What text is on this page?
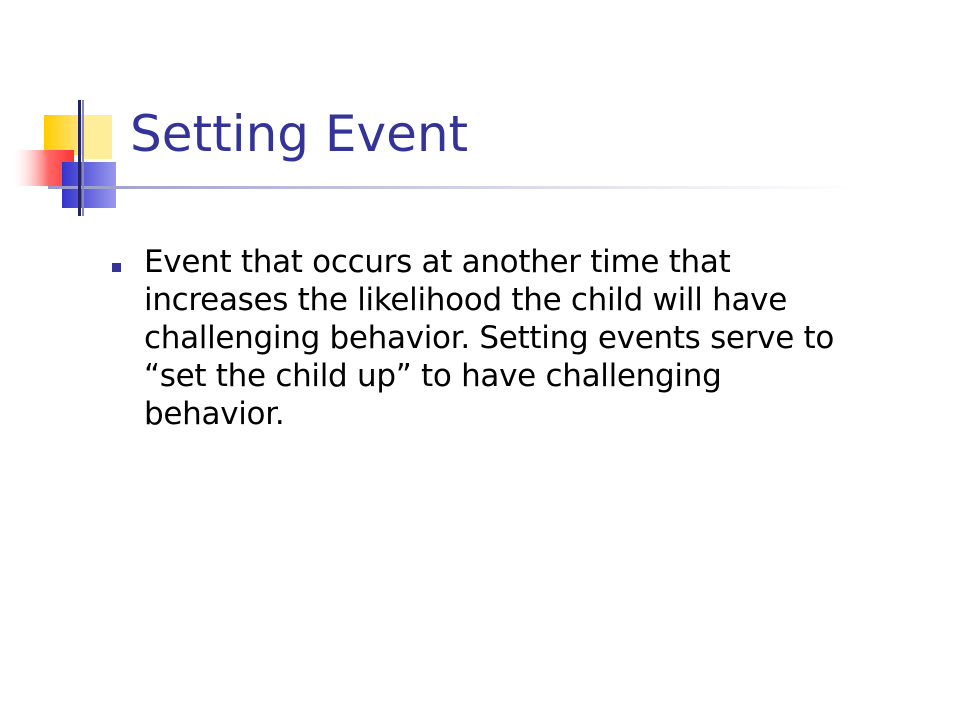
Setting Event

Event that occurs at another time that increases the likelihood the child will have challenging behavior. Setting events serve to “set the child up” to have challenging behavior.
